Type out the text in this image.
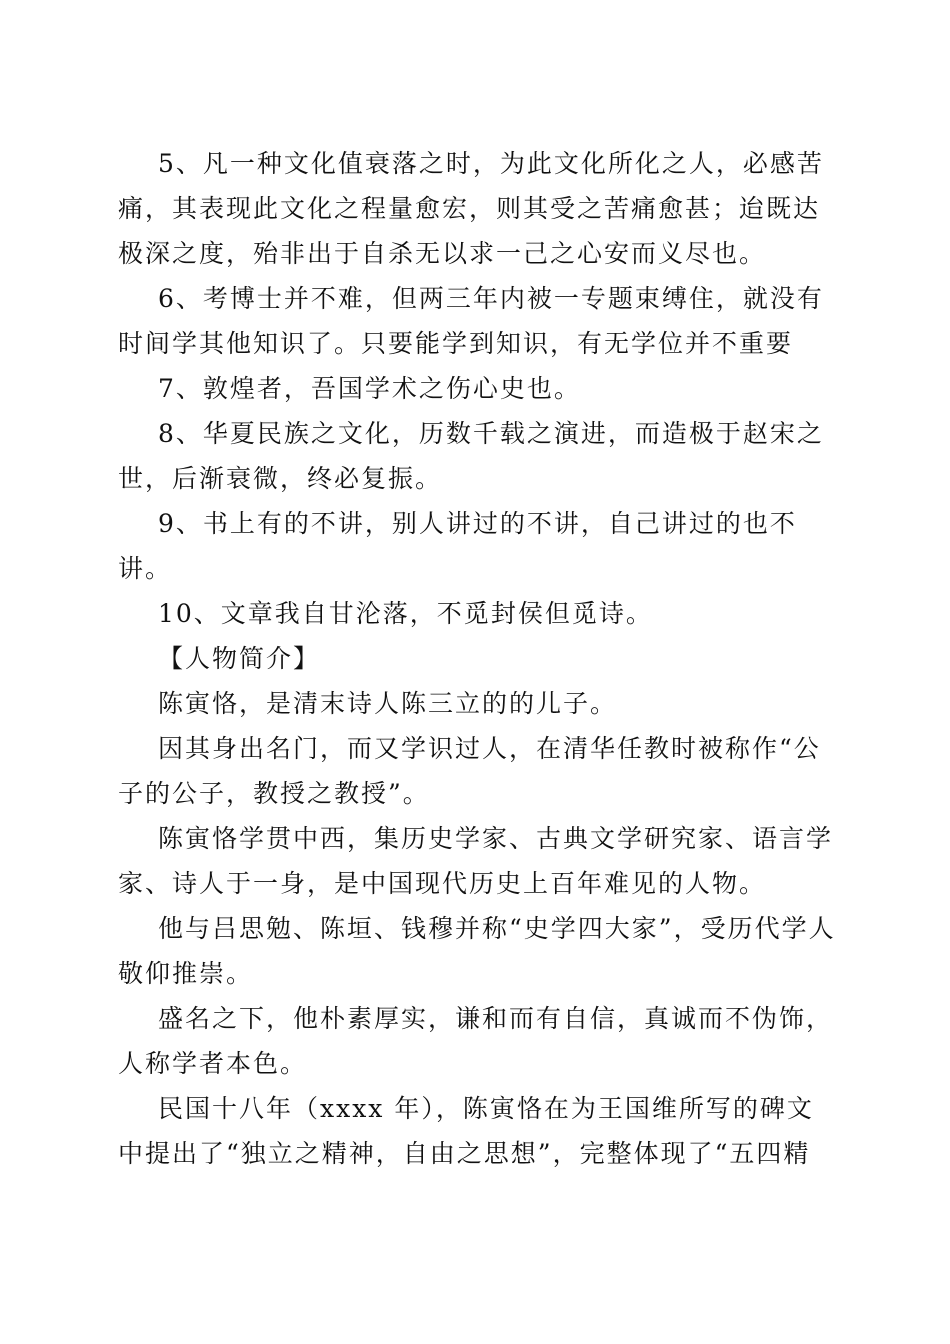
5、凡一种文化值衰落之时，为此文化所化之人，必感苦痛，其表现此文化之程量愈宏，则其受之苦痛愈甚；迨既达极深之度，殆非出于自杀无以求一己之心安而义尽也。

6、考博士并不难，但两三年内被一专题束缚住，就没有时间学其他知识了。只要能学到知识，有无学位并不重要

7、敦煌者，吾国学术之伤心史也。

8、华夏民族之文化，历数千载之演进，而造极于赵宋之世，后渐衰微，终必复振。

9、书上有的不讲，别人讲过的不讲，自己讲过的也不讲。

10、文章我自甘沦落，不觅封侯但觅诗。

【人物简介】

陈寅恪，是清末诗人陈三立的的儿子。

因其身出名门，而又学识过人，在清华任教时被称作“公子的公子，教授之教授”。

陈寅恪学贯中西，集历史学家、古典文学研究家、语言学家、诗人于一身，是中国现代历史上百年难见的人物。

他与吕思勉、陈垣、钱穆并称“史学四大家”，受历代学人敬仰推崇。

盛名之下，他朴素厚实，谦和而有自信，真诚而不伪饰，人称学者本色。

民国十八年（xxxx 年），陈寅恪在为王国维所写的碑文中提出了“独立之精神，自由之思想”，完整体现了“五四精
